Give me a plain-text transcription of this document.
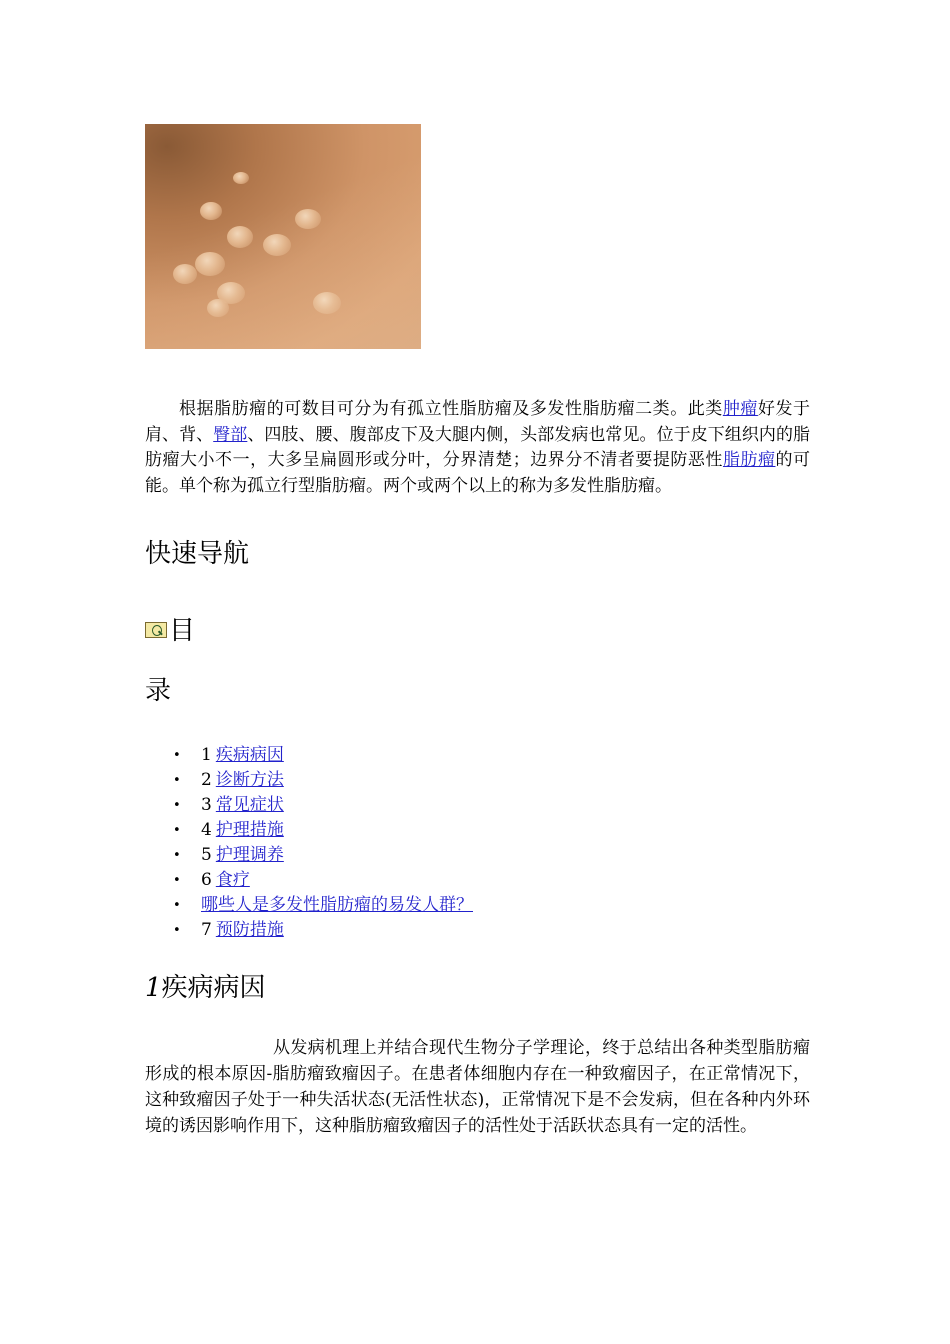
根据脂肪瘤的可数目可分为有孤立性脂肪瘤及多发性脂肪瘤二类。此类肿瘤好发于肩、背、臀部、四肢、腰、腹部皮下及大腿内侧，头部发病也常见。位于皮下组织内的脂肪瘤大小不一，大多呈扁圆形或分叶，分界清楚；边界分不清者要提防恶性脂肪瘤的可能。单个称为孤立行型脂肪瘤。两个或两个以上的称为多发性脂肪瘤。

快速导航
目
录
• 1 疾病病因
• 2 诊断方法
• 3 常见症状
• 4 护理措施
• 5 护理调养
• 6 食疗
• 哪些人是多发性脂肪瘤的易发人群？
• 7 预防措施
1疾病病因

从发病机理上并结合现代生物分子学理论，终于总结出各种类型脂肪瘤形成的根本原因-脂肪瘤致瘤因子。在患者体细胞内存在一种致瘤因子，在正常情况下，这种致瘤因子处于一种失活状态(无活性状态)，正常情况下是不会发病，但在各种内外环境的诱因影响作用下，这种脂肪瘤致瘤因子的活性处于活跃状态具有一定的活性。
